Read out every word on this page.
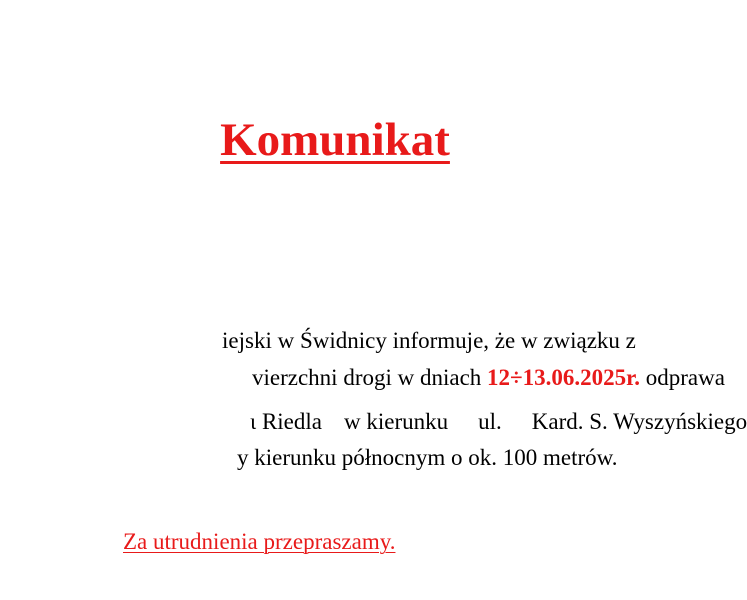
Komunikat
iejski w Świdnicy informuje, że w związku z
vierzchni drogi w dniach 12÷13.06.2025r. odprawa
ι Riedla w kierunku ul. Kard. S. Wyszyńskiego
y kierunku północnym o ok. 100 metrów.
Za utrudnienia przepraszamy.
